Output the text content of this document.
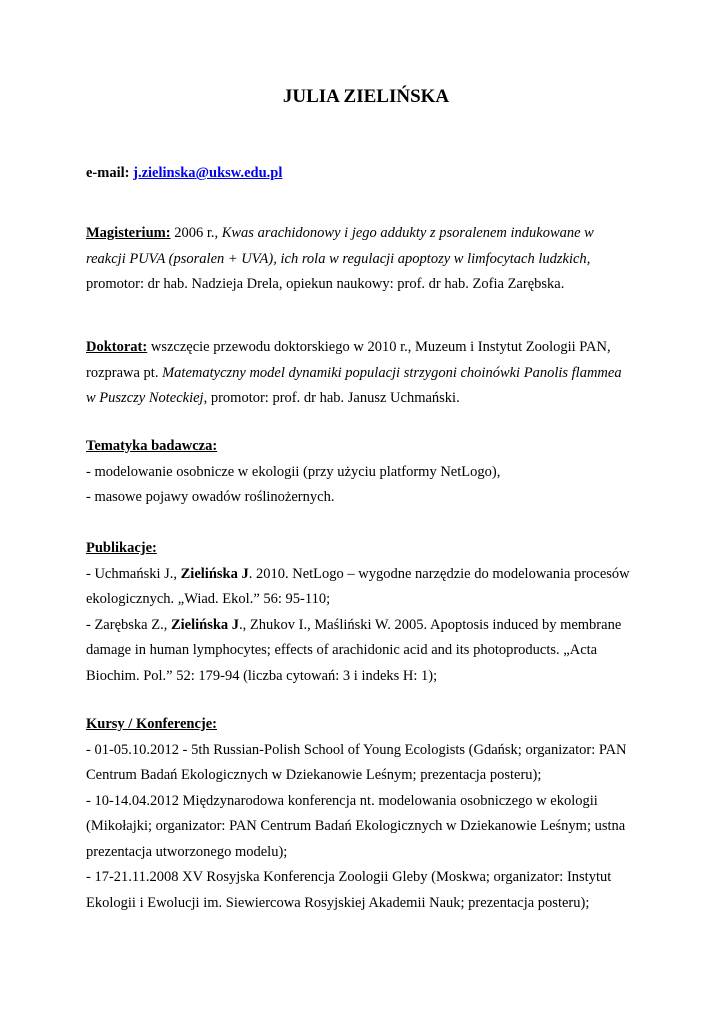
JULIA ZIELIŃSKA
e-mail: j.zielinska@uksw.edu.pl
Magisterium: 2006 r., Kwas arachidonowy i jego addukty z psoralenem indukowane w
reakcji PUVA (psoralen + UVA), ich rola w regulacji apoptozy w limfocytach ludzkich,
promotor: dr hab. Nadzieja Drela, opiekun naukowy: prof. dr hab. Zofia Zarębska.
Doktorat: wszczęcie przewodu doktorskiego w 2010 r., Muzeum i Instytut Zoologii PAN,
rozprawa pt. Matematyczny model dynamiki populacji strzygoni choinówki Panolis flammea
w Puszczy Noteckiej, promotor: prof. dr hab. Janusz Uchmański.
Tematyka badawcza:
- modelowanie osobnicze w ekologii (przy użyciu platformy NetLogo),
- masowe pojawy owadów roślinożernych.
Publikacje:
- Uchmański J., Zielińska J. 2010. NetLogo – wygodne narzędzie do modelowania procesów
ekologicznych. „Wiad. Ekol.” 56: 95-110;
- Zarębska Z., Zielińska J., Zhukov I., Maśliński W. 2005. Apoptosis induced by membrane
damage in human lymphocytes; effects of arachidonic acid and its photoproducts. „Acta
Biochim. Pol.” 52: 179-94 (liczba cytowań: 3 i indeks H: 1);
Kursy / Konferencje:
- 01-05.10.2012 - 5th Russian-Polish School of Young Ecologists (Gdańsk; organizator: PAN
Centrum Badań Ekologicznych w Dziekanowie Leśnym; prezentacja posteru);
- 10-14.04.2012 Międzynarodowa konferencja nt. modelowania osobniczego w ekologii
(Mikołajki; organizator: PAN Centrum Badań Ekologicznych w Dziekanowie Leśnym; ustna
prezentacja utworzonego modelu);
- 17-21.11.2008 XV Rosyjska Konferencja Zoologii Gleby (Moskwa; organizator: Instytut
Ekologii i Ewolucji im. Siewiercowa Rosyjskiej Akademii Nauk; prezentacja posteru);
